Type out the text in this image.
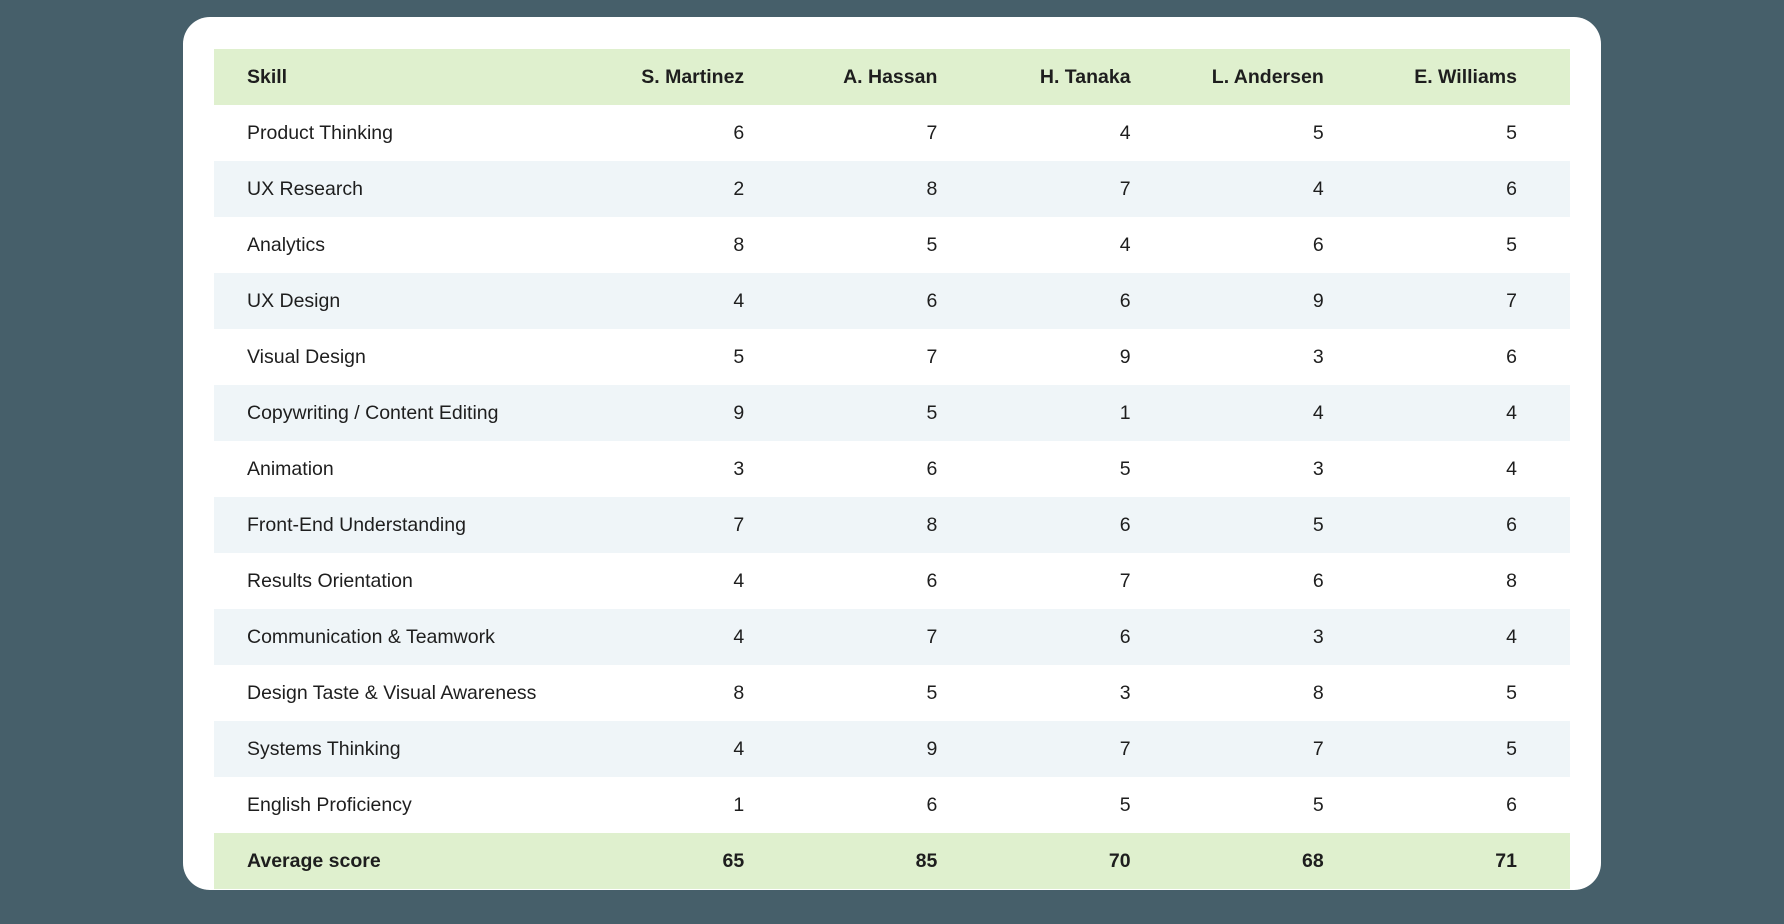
Skill	S. Martinez	A. Hassan	H. Tanaka	L. Andersen	E. Williams
Product Thinking	6	7	4	5	5
UX Research	2	8	7	4	6
Analytics	8	5	4	6	5
UX Design	4	6	6	9	7
Visual Design	5	7	9	3	6
Copywriting / Content Editing	9	5	1	4	4
Animation	3	6	5	3	4
Front-End Understanding	7	8	6	5	6
Results Orientation	4	6	7	6	8
Communication & Teamwork	4	7	6	3	4
Design Taste & Visual Awareness	8	5	3	8	5
Systems Thinking	4	9	7	7	5
English Proficiency	1	6	5	5	6
Average score	65	85	70	68	71
